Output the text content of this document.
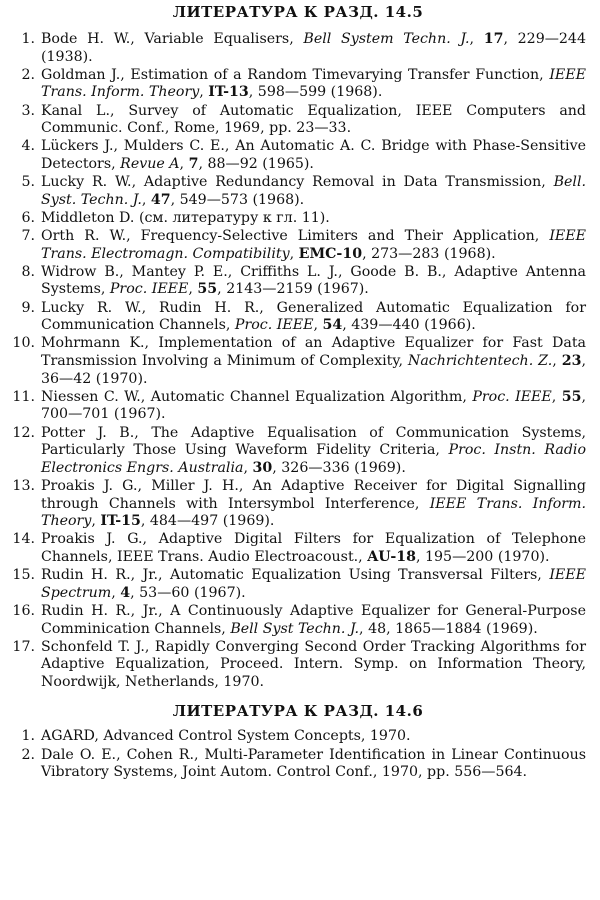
ЛИТЕРАТУРА К РАЗД. 14.5
1. Bode H. W., Variable Equalisers, Bell System Techn. J., 17, 229—244 (1938).
2. Goldman J., Estimation of a Random Timevarying Transfer Function, IEEE Trans. Inform. Theory, IT-13, 598—599 (1968).
3. Kanal L., Survey of Automatic Equalization, IEEE Computers and Communic. Conf., Rome, 1969, pp. 23—33.
4. Lückers J., Mulders C. E., An Automatic A. C. Bridge with Phase-Sensitive Detectors, Revue A, 7, 88—92 (1965).
5. Lucky R. W., Adaptive Redundancy Removal in Data Transmission, Bell. Syst. Techn. J., 47, 549—573 (1968).
6. Middleton D. (см. литературу к гл. 11).
7. Orth R. W., Frequency-Selective Limiters and Their Application, IEEE Trans. Electromagn. Compatibility, EMC-10, 273—283 (1968).
8. Widrow B., Mantey P. E., Criffiths L. J., Goode B. B., Adaptive Antenna Systems, Proc. IEEE, 55, 2143—2159 (1967).
9. Lucky R. W., Rudin H. R., Generalized Automatic Equalization for Communication Channels, Proc. IEEE, 54, 439—440 (1966).
10. Mohrmann K., Implementation of an Adaptive Equalizer for Fast Data Transmission Involving a Minimum of Complexity, Nachrichtentech. Z., 23, 36—42 (1970).
11. Niessen C. W., Automatic Channel Equalization Algorithm, Proc. IEEE, 55, 700—701 (1967).
12. Potter J. B., The Adaptive Equalisation of Communication Systems, Particularly Those Using Waveform Fidelity Criteria, Proc. Instn. Radio Electronics Engrs. Australia, 30, 326—336 (1969).
13. Proakis J. G., Miller J. H., An Adaptive Receiver for Digital Signalling through Channels with Intersymbol Interference, IEEE Trans. Inform. Theory, IT-15, 484—497 (1969).
14. Proakis J. G., Adaptive Digital Filters for Equalization of Telephone Channels, IEEE Trans. Audio Electroacoust., AU-18, 195—200 (1970).
15. Rudin H. R., Jr., Automatic Equalization Using Transversal Filters, IEEE Spectrum, 4, 53—60 (1967).
16. Rudin H. R., Jr., A Continuously Adaptive Equalizer for General-Purpose Comminication Channels, Bell Syst Techn. J., 48, 1865—1884 (1969).
17. Schonfeld T. J., Rapidly Converging Second Order Tracking Algorithms for Adaptive Equalization, Proceed. Intern. Symp. on Information Theory, Noordwijk, Netherlands, 1970.
ЛИТЕРАТУРА К РАЗД. 14.6
1. AGARD, Advanced Control System Concepts, 1970.
2. Dale O. E., Cohen R., Multi-Parameter Identification in Linear Continuous Vibratory Systems, Joint Autom. Control Conf., 1970, pp. 556—564.
